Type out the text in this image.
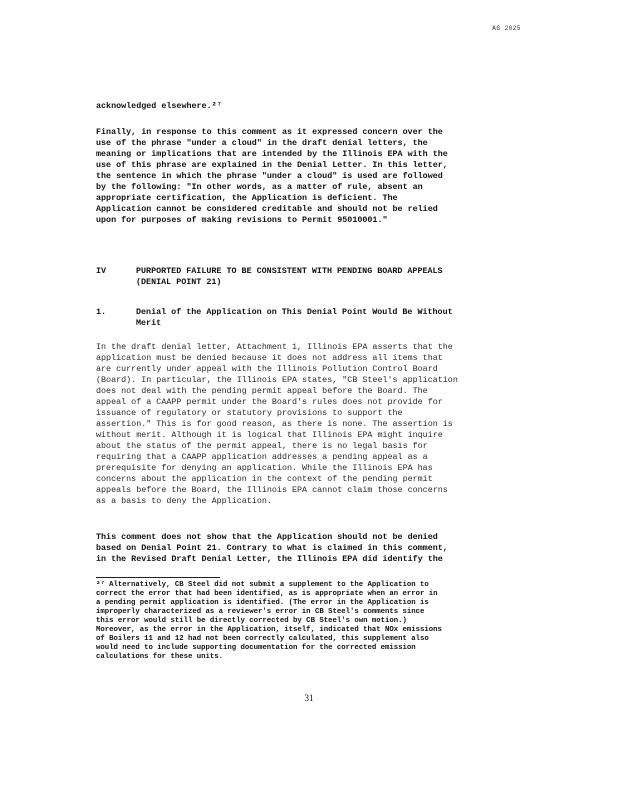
AG 2025
acknowledged elsewhere.²⁷
Finally, in response to this comment as it expressed concern over the
use of the phrase "under a cloud" in the draft denial letters, the
meaning or implications that are intended by the Illinois EPA with the
use of this phrase are explained in the Denial Letter. In this letter,
the sentence in which the phrase "under a cloud" is used are followed
by the following: "In other words, as a matter of rule, absent an
appropriate certification, the Application is deficient. The
Application cannot be considered creditable and should not be relied
upon for purposes of making revisions to Permit 95010001."
IV	PURPORTED FAILURE TO BE CONSISTENT WITH PENDING BOARD APPEALS
(DENIAL POINT 21)
1.	Denial of the Application on This Denial Point Would Be Without
Merit
In the draft denial letter, Attachment 1, Illinois EPA asserts that the
application must be denied because it does not address all items that
are currently under appeal with the Illinois Pollution Control Board
(Board). In particular, the Illinois EPA states, "CB Steel's application
does not deal with the pending permit appeal before the Board. The
appeal of a CAAPP permit under the Board's rules does not provide for
issuance of regulatory or statutory provisions to support the
assertion." This is for good reason, as there is none. The assertion is
without merit. Although it is logical that Illinois EPA might inquire
about the status of the permit appeal, there is no legal basis for
requiring that a CAAPP application addresses a pending appeal as a
prerequisite for denying an application. While the Illinois EPA has
concerns about the application in the context of the pending permit
appeals before the Board, the Illinois EPA cannot claim those concerns
as a basis to deny the Application.
This comment does not show that the Application should not be denied
based on Denial Point 21. Contrary to what is claimed in this comment,
in the Revised Draft Denial Letter, the Illinois EPA did identify the
²⁷ Alternatively, CB Steel did not submit a supplement to the Application to
correct the error that had been identified, as is appropriate when an error in
a pending permit application is identified. (The error in the Application is
improperly characterized as a reviewer's error in CB Steel's comments since
this error would still be directly corrected by CB Steel's own motion.)
Moreover, as the error in the Application, itself, indicated that NOx emissions
of Boilers 11 and 12 had not been correctly calculated, this supplement also
would need to include supporting documentation for the corrected emission
calculations for these units.
31
